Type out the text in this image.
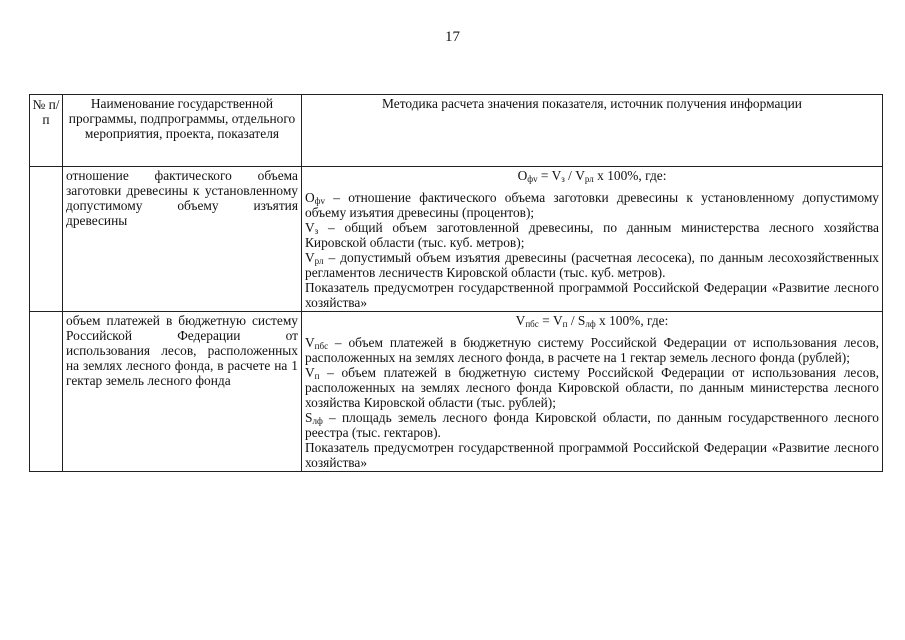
17
№ п/п	Наименование государственной программы, подпрограммы, отдельного мероприятия, проекта, показателя	Методика расчета значения показателя, источник получения информации
	отношение фактического объема заготовки древесины к установленному допустимому объему изъятия древесины	$О_{фv} = V_з / V_{рл}$ x 100%, где:

$О_{фv}$ – отношение фактического объема заготовки древесины к установленному допустимому объему изъятия древесины (процентов);

$V_з$ – общий объем заготовленной древесины, по данным министерства лесного хозяйства Кировской области (тыс. куб. метров);

$V_{рл}$ – допустимый объем изъятия древесины (расчетная лесосека), по данным лесохозяйственных регламентов лесничеств Кировской области (тыс. куб. метров).

Показатель предусмотрен государственной программой Российской Федерации «Развитие лесного хозяйства»

	объем платежей в бюджетную систему Российской Федерации от использования лесов, расположенных на землях лесного фонда, в расчете на 1 гектар земель лесного фонда	$V_{пбс} = V_п / S_{лф}$ x 100%, где:

$V_{пбс}$ – объем платежей в бюджетную систему Российской Федерации от использования лесов, расположенных на землях лесного фонда, в расчете на 1 гектар земель лесного фонда (рублей);

$V_п$ – объем платежей в бюджетную систему Российской Федерации от использования лесов, расположенных на землях лесного фонда Кировской области, по данным министерства лесного хозяйства Кировской области (тыс. рублей);

$S_{лф}$ – площадь земель лесного фонда Кировской области, по данным государственного лесного реестра (тыс. гектаров).

Показатель предусмотрен государственной программой Российской Федерации «Развитие лесного хозяйства»
